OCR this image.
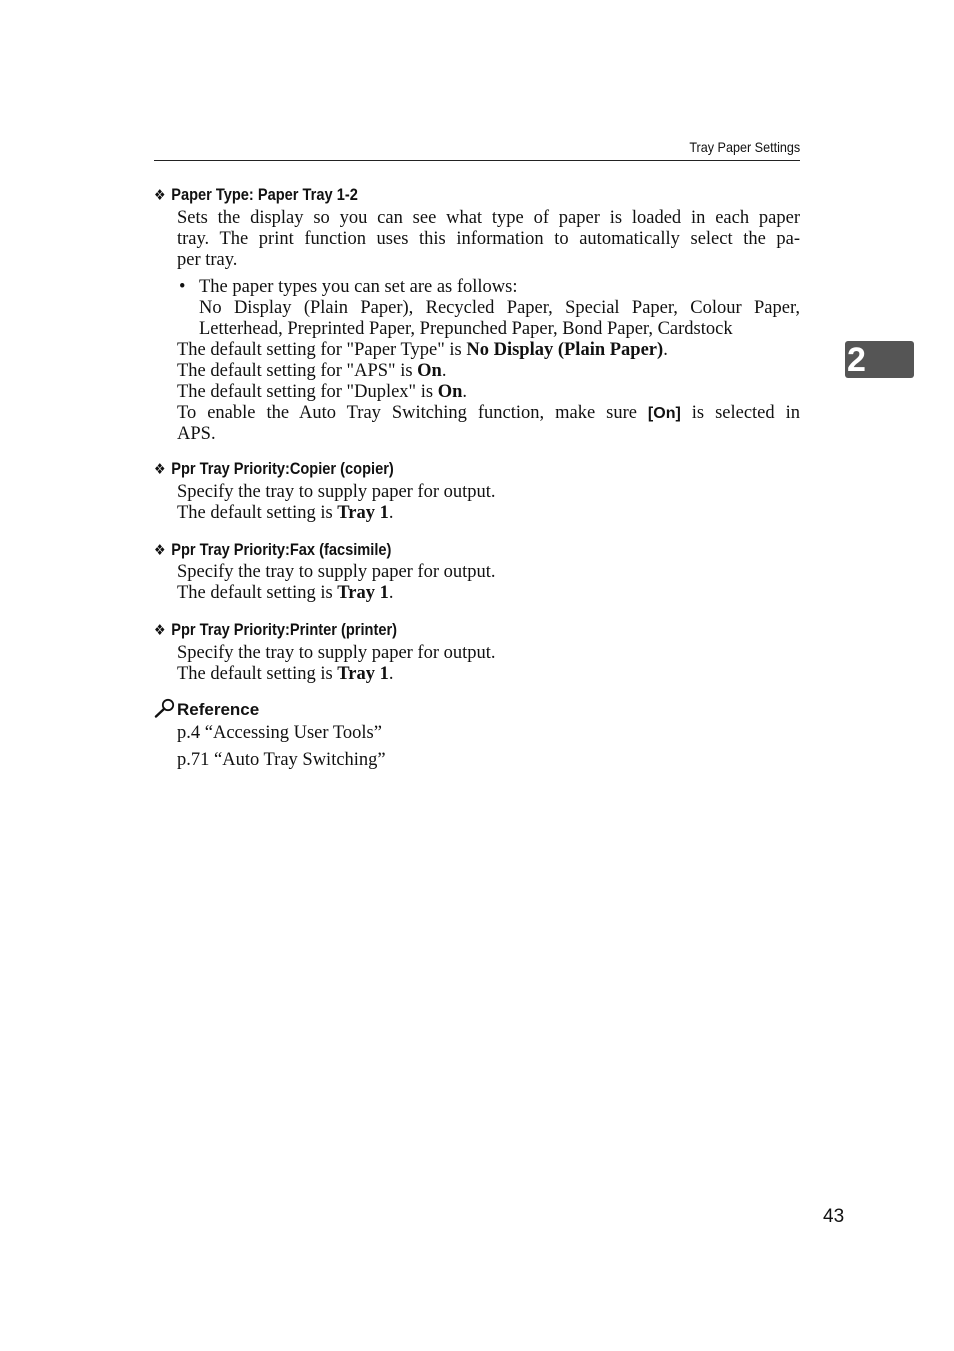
Tray Paper Settings
2
❖ Paper Type: Paper Tray 1-2

Sets the display so you can see what type of paper is loaded in each paper

tray. The print function uses this information to automatically select the pa-

per tray.

• The paper types you can set are as follows:

No Display (Plain Paper), Recycled Paper, Special Paper, Colour Paper,

Letterhead, Preprinted Paper, Prepunched Paper, Bond Paper, Cardstock

The default setting for "Paper Type" is No Display (Plain Paper).

The default setting for "APS" is On.

The default setting for "Duplex" is On.

To enable the Auto Tray Switching function, make sure [On] is selected in

APS.

❖ Ppr Tray Priority:Copier (copier)

Specify the tray to supply paper for output.

The default setting is Tray 1.

❖ Ppr Tray Priority:Fax (facsimile)

Specify the tray to supply paper for output.

The default setting is Tray 1.

❖ Ppr Tray Priority:Printer (printer)

Specify the tray to supply paper for output.

The default setting is Tray 1.

Reference

p.4 “Accessing User Tools”

p.71 “Auto Tray Switching”

43
